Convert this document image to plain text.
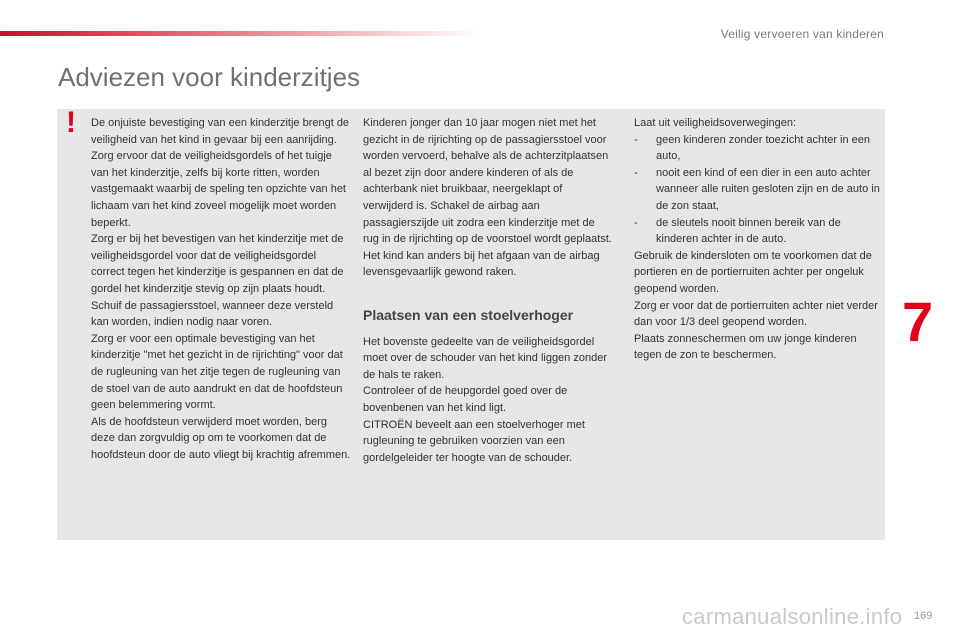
Veilig vervoeren van kinderen
Adviezen voor kinderzitjes
! De onjuiste bevestiging van een kinderzitje brengt de veiligheid van het kind in gevaar bij een aanrijding.

Zorg ervoor dat de veiligheidsgordels of het tuigje van het kinderzitje, zelfs bij korte ritten, worden vastgemaakt waarbij de speling ten opzichte van het lichaam van het kind zoveel mogelijk moet worden beperkt.

Zorg er bij het bevestigen van het kinderzitje met de veiligheidsgordel voor dat de veiligheidsgordel correct tegen het kinderzitje is gespannen en dat de gordel het kinderzitje stevig op zijn plaats houdt. Schuif de passagiersstoel, wanneer deze versteld kan worden, indien nodig naar voren.

Zorg er voor een optimale bevestiging van het kinderzitje "met het gezicht in de rijrichting" voor dat de rugleuning van het zitje tegen de rugleuning van de stoel van de auto aandrukt en dat de hoofdsteun geen belemmering vormt.

Als de hoofdsteun verwijderd moet worden, berg deze dan zorgvuldig op om te voorkomen dat de hoofdsteun door de auto vliegt bij krachtig afremmen.

Kinderen jonger dan 10 jaar mogen niet met het gezicht in de rijrichting op de passagiersstoel voor worden vervoerd, behalve als de achterzitplaatsen al bezet zijn door andere kinderen of als de achterbank niet bruikbaar, neergeklapt of verwijderd is. Schakel de airbag aan passagierszijde uit zodra een kinderzitje met de rug in de rijrichting op de voorstoel wordt geplaatst. Het kind kan anders bij het afgaan van de airbag levensgevaarlijk gewond raken.

Plaatsen van een stoelverhoger

Het bovenste gedeelte van de veiligheidsgordel moet over de schouder van het kind liggen zonder de hals te raken.

Controleer of de heupgordel goed over de bovenbenen van het kind ligt.

CITROËN beveelt aan een stoelverhoger met rugleuning te gebruiken voorzien van een gordelgeleider ter hoogte van de schouder.

Laat uit veiligheidsoverwegingen:

- geen kinderen zonder toezicht achter in een auto,
- nooit een kind of een dier in een auto achter wanneer alle ruiten gesloten zijn en de auto in de zon staat,
- de sleutels nooit binnen bereik van de kinderen achter in de auto.

Gebruik de kindersloten om te voorkomen dat de portieren en de portierruiten achter per ongeluk geopend worden.

Zorg er voor dat de portierruiten achter niet verder dan voor 1/3 deel geopend worden.

Plaats zonneschermen om uw jonge kinderen tegen de zon te beschermen.

7
169
carmanualsonline.info
